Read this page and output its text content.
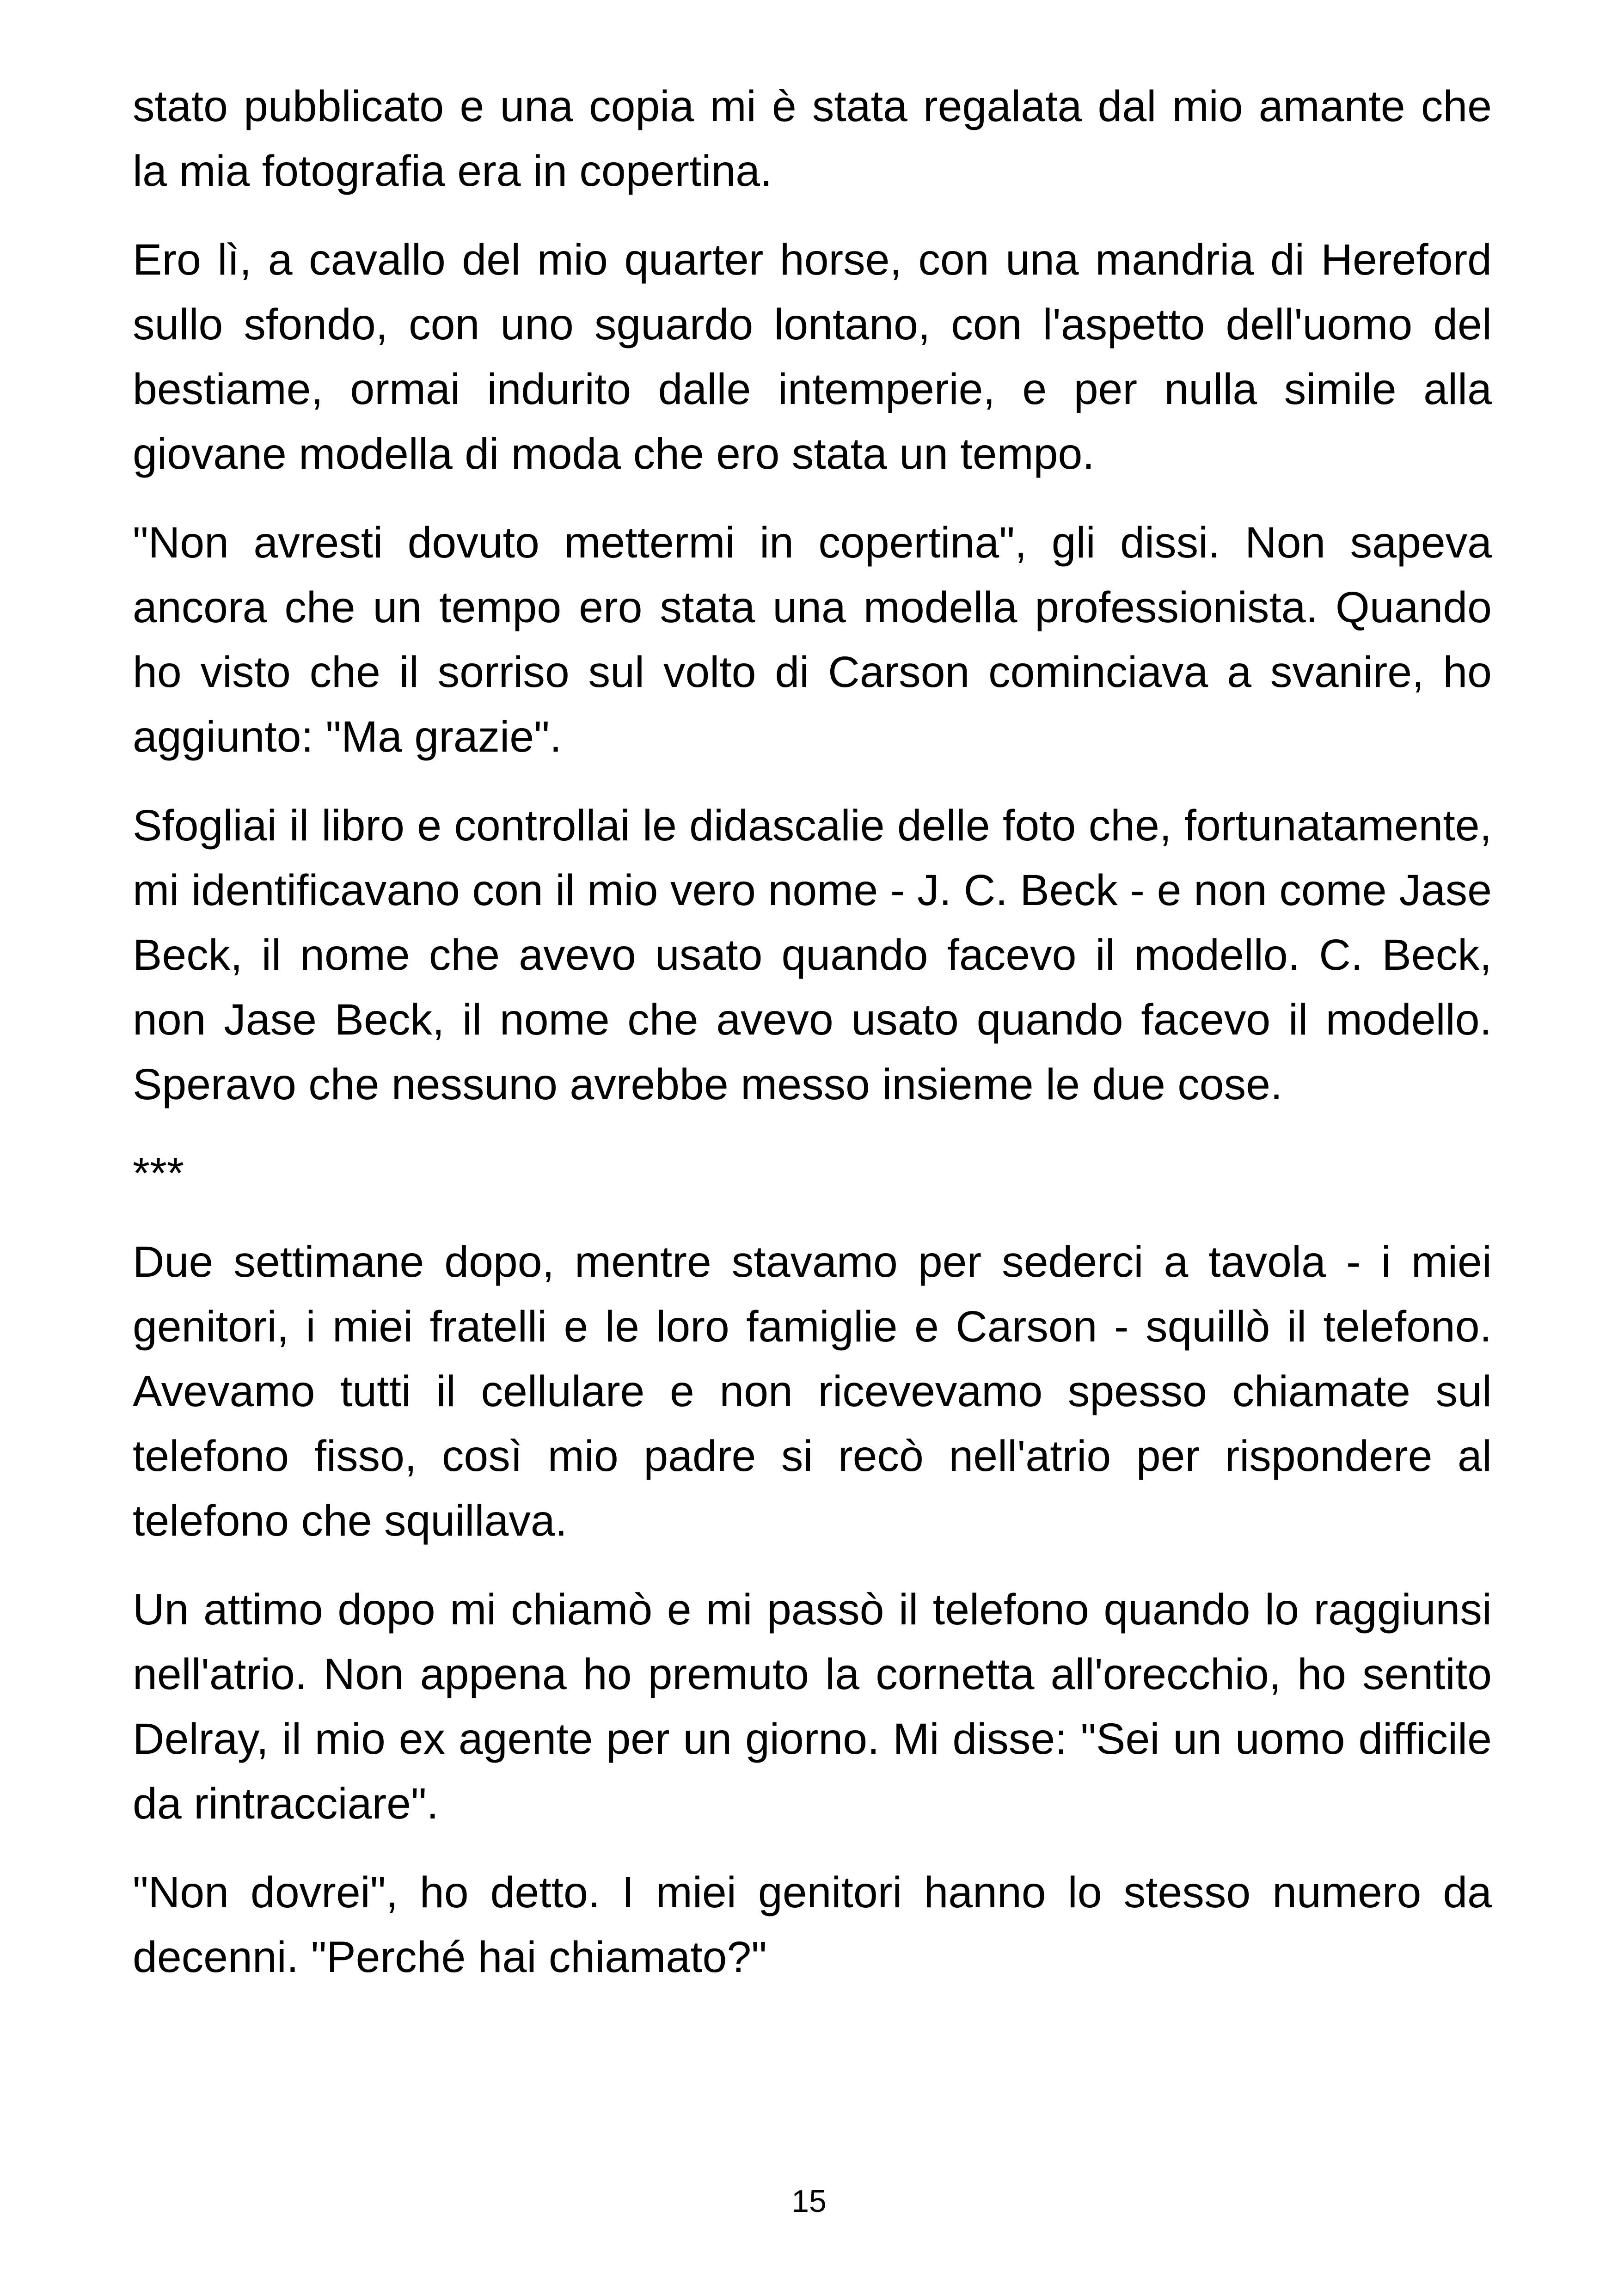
stato pubblicato e una copia mi è stata regalata dal mio amante che la mia fotografia era in copertina.

Ero lì, a cavallo del mio quarter horse, con una mandria di Hereford sullo sfondo, con uno sguardo lontano, con l'aspetto dell'uomo del bestiame, ormai indurito dalle intemperie, e per nulla simile alla giovane modella di moda che ero stata un tempo.

"Non avresti dovuto mettermi in copertina", gli dissi. Non sapeva ancora che un tempo ero stata una modella professionista. Quando ho visto che il sorriso sul volto di Carson cominciava a svanire, ho aggiunto: "Ma grazie".

Sfogliai il libro e controllai le didascalie delle foto che, fortunatamente, mi identificavano con il mio vero nome - J. C. Beck - e non come Jase Beck, il nome che avevo usato quando facevo il modello. C. Beck, non Jase Beck, il nome che avevo usato quando facevo il modello. Speravo che nessuno avrebbe messo insieme le due cose.

***

Due settimane dopo, mentre stavamo per sederci a tavola - i miei genitori, i miei fratelli e le loro famiglie e Carson - squillò il telefono. Avevamo tutti il cellulare e non ricevevamo spesso chiamate sul telefono fisso, così mio padre si recò nell'atrio per rispondere al telefono che squillava.

Un attimo dopo mi chiamò e mi passò il telefono quando lo raggiunsi nell'atrio. Non appena ho premuto la cornetta all'orecchio, ho sentito Delray, il mio ex agente per un giorno. Mi disse: "Sei un uomo difficile da rintracciare".

"Non dovrei", ho detto. I miei genitori hanno lo stesso numero da decenni. "Perché hai chiamato?"

15
